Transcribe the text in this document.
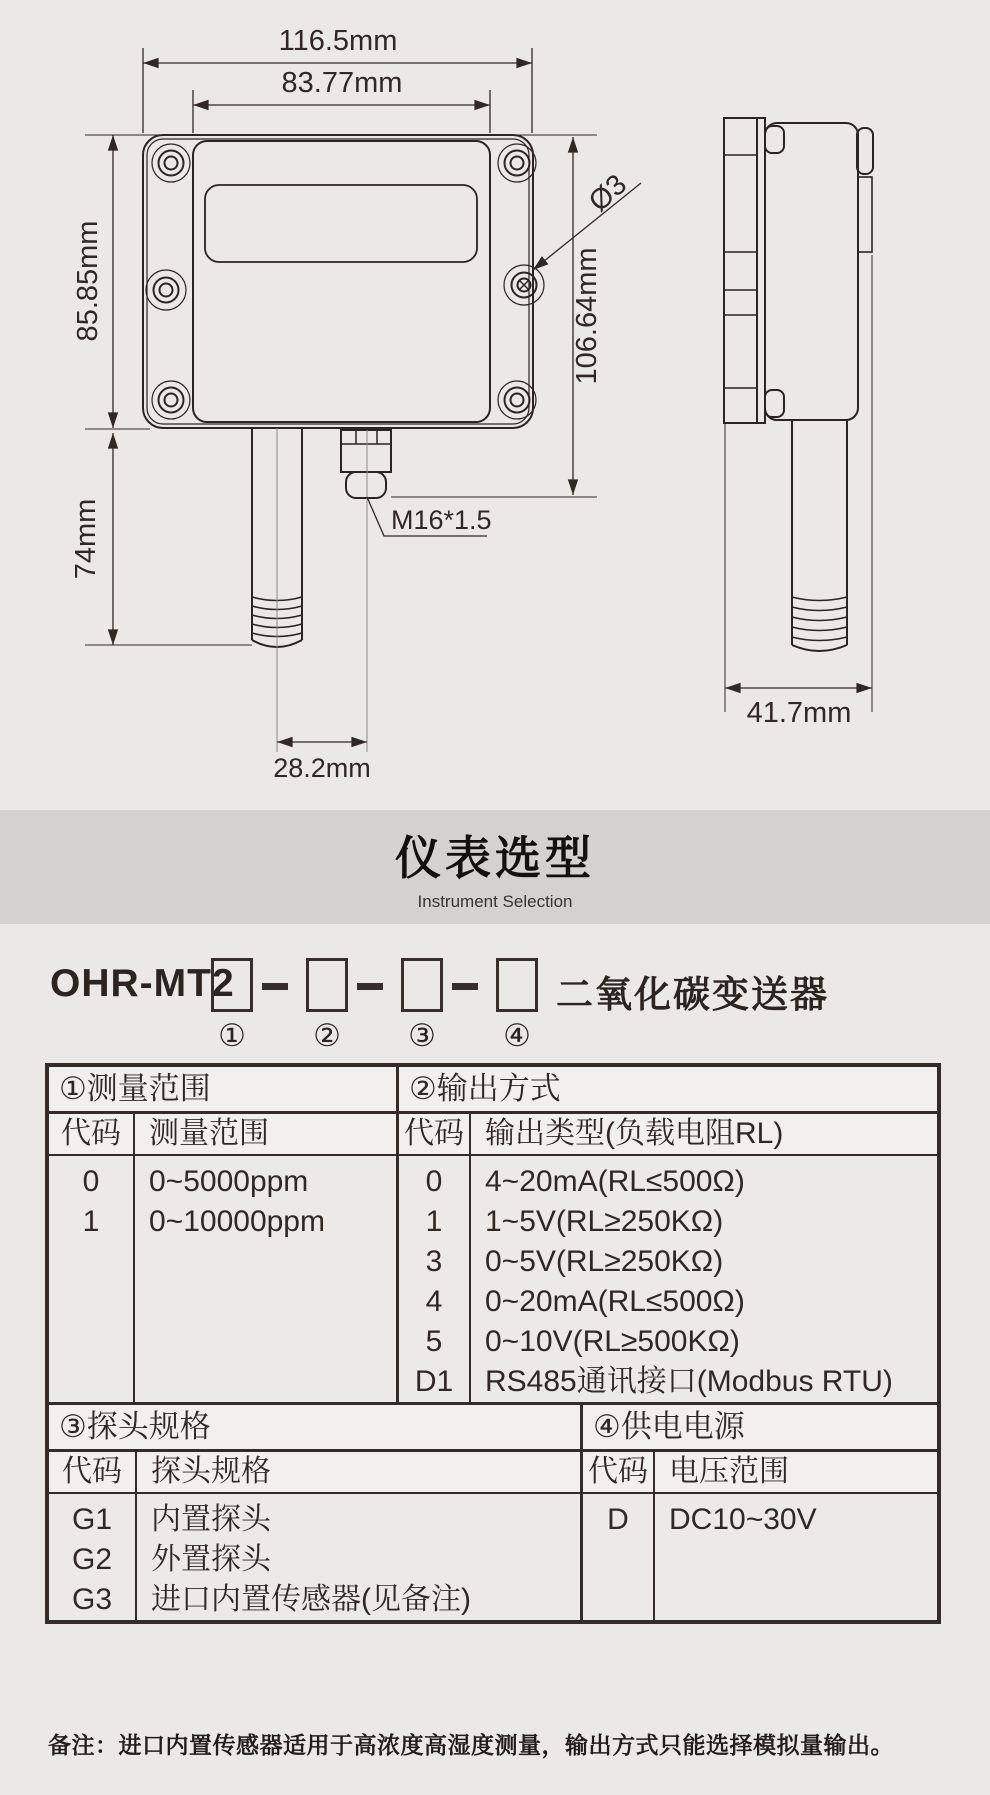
116.5mm
83.77mm
85.85mm
74mm
106.64mm
Ø3
M16*1.5
28.2mm
41.7mm
仪表选型
Instrument Selection
OHR-MT2	二氧化碳变送器
① ② ③ ④
①测量范围
代码
0
1
测量范围
0~5000ppm
0~10000ppm
②输出方式
代码
0
1
3
4
5
D1
输出类型(负载电阻RL)
4~20mA(RL≤500Ω)
1~5V(RL≥250KΩ)
0~5V(RL≥250KΩ)
0~20mA(RL≤500Ω)
0~10V(RL≥500KΩ)
RS485通讯接口(Modbus RTU)
③探头规格
代码
G1
G2
G3
探头规格
内置探头
外置探头
进口内置传感器(见备注)
④供电电源
代码
D
电压范围
DC10~30V
备注：进口内置传感器适用于高浓度高湿度测量，输出方式只能选择模拟量输出。
